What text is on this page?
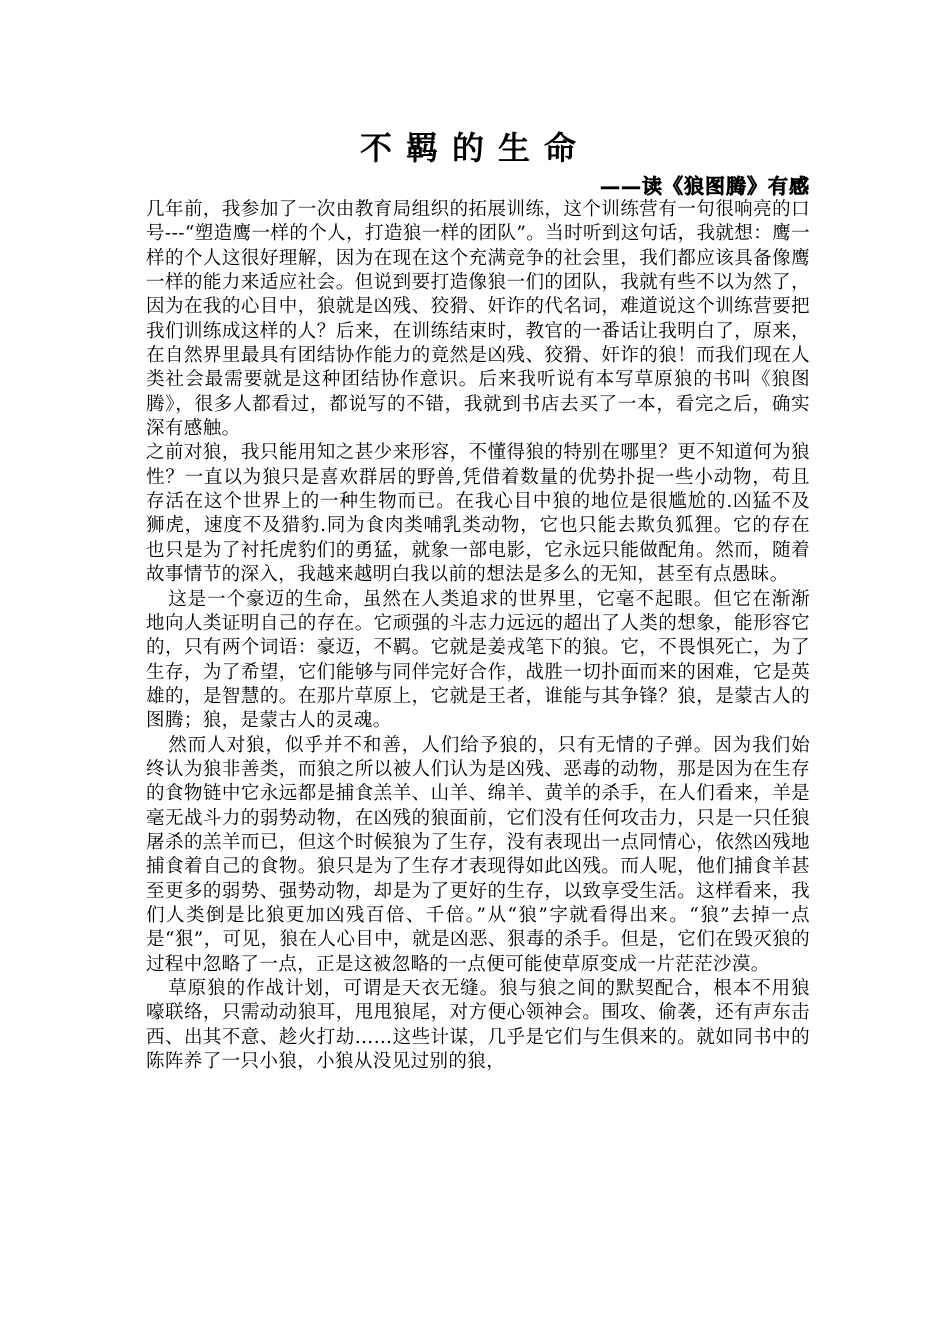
不羁的生命
——读《狼图腾》有感

几年前，我参加了一次由教育局组织的拓展训练，这个训练营有一句很响亮的口号---“塑造鹰一样的个人，打造狼一样的团队”。当时听到这句话，我就想：鹰一样的个人这很好理解，因为在现在这个充满竞争的社会里，我们都应该具备像鹰一样的能力来适应社会。但说到要打造像狼一们的团队，我就有些不以为然了，因为在我的心目中，狼就是凶残、狡猾、奸诈的代名词，难道说这个训练营要把我们训练成这样的人？后来，在训练结束时，教官的一番话让我明白了，原来，在自然界里最具有团结协作能力的竟然是凶残、狡猾、奸诈的狼！而我们现在人类社会最需要就是这种团结协作意识。后来我听说有本写草原狼的书叫《狼图腾》，很多人都看过，都说写的不错，我就到书店去买了一本，看完之后，确实深有感触。

之前对狼，我只能用知之甚少来形容，不懂得狼的特别在哪里？更不知道何为狼性？一直以为狼只是喜欢群居的野兽,凭借着数量的优势扑捉一些小动物，苟且存活在这个世界上的一种生物而已。在我心目中狼的地位是很尴尬的.凶猛不及狮虎，速度不及猎豹.同为食肉类哺乳类动物，它也只能去欺负狐狸。它的存在也只是为了衬托虎豹们的勇猛，就象一部电影，它永远只能做配角。然而，随着故事情节的深入，我越来越明白我以前的想法是多么的无知，甚至有点愚昧。

这是一个豪迈的生命，虽然在人类追求的世界里，它毫不起眼。但它在渐渐地向人类证明自己的存在。它顽强的斗志力远远的超出了人类的想象，能形容它的，只有两个词语：豪迈，不羁。它就是姜戎笔下的狼。它，不畏惧死亡，为了生存，为了希望，它们能够与同伴完好合作，战胜一切扑面而来的困难，它是英雄的，是智慧的。在那片草原上，它就是王者，谁能与其争锋？狼，是蒙古人的图腾；狼，是蒙古人的灵魂。

然而人对狼，似乎并不和善，人们给予狼的，只有无情的子弹。因为我们始终认为狼非善类，而狼之所以被人们认为是凶残、恶毒的动物，那是因为在生存的食物链中它永远都是捕食羔羊、山羊、绵羊、黄羊的杀手，在人们看来，羊是毫无战斗力的弱势动物，在凶残的狼面前，它们没有任何攻击力，只是一只任狼屠杀的羔羊而已，但这个时候狼为了生存，没有表现出一点同情心，依然凶残地捕食着自己的食物。狼只是为了生存才表现得如此凶残。而人呢，他们捕食羊甚至更多的弱势、强势动物，却是为了更好的生存，以致享受生活。这样看来，我们人类倒是比狼更加凶残百倍、千倍。”从“狼”字就看得出来。“狼”去掉一点是“狠”，可见，狼在人心目中，就是凶恶、狠毒的杀手。但是，它们在毁灭狼的过程中忽略了一点，正是这被忽略的一点便可能使草原变成一片茫茫沙漠。

草原狼的作战计划，可谓是天衣无缝。狼与狼之间的默契配合，根本不用狼嚎联络，只需动动狼耳，甩甩狼尾，对方便心领神会。围攻、偷袭，还有声东击西、出其不意、趁火打劫……这些计谋，几乎是它们与生俱来的。就如同书中的陈阵养了一只小狼，小狼从没见过别的狼，
